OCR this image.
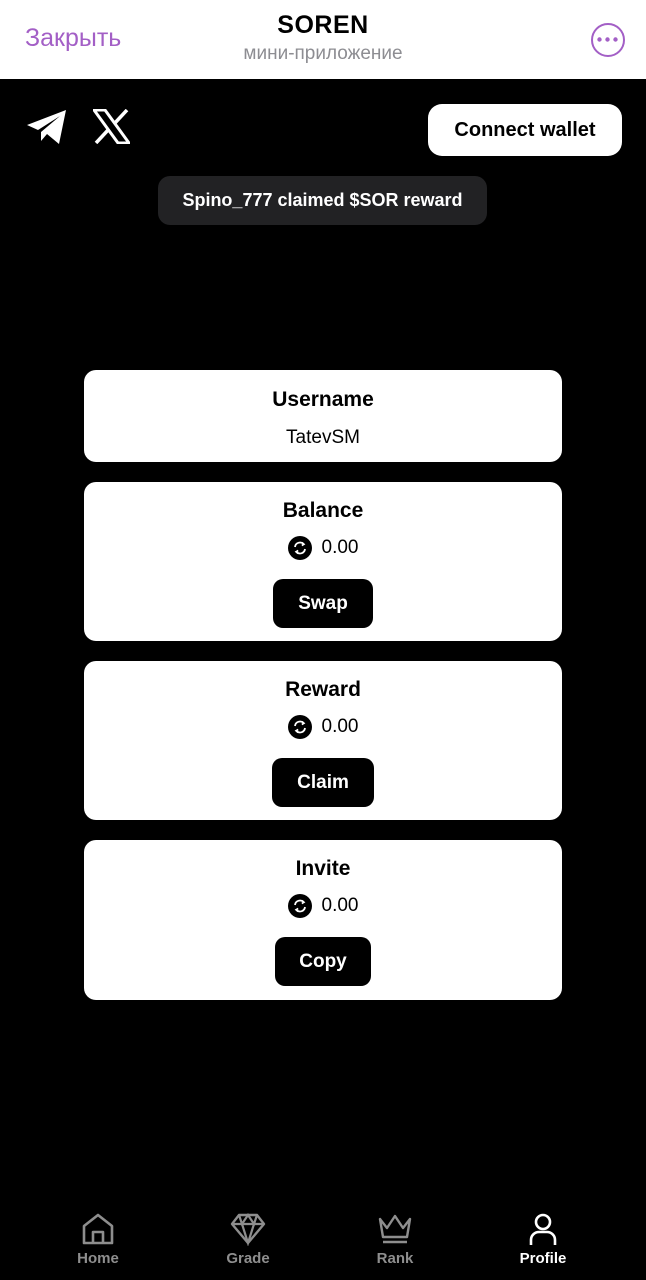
Закрыть	SOREN
мини-приложение
Connect wallet
Spino_777 claimed $SOR reward
Username
TatevSM
Balance
0.00
Swap
Reward
0.00
Claim
Invite
0.00
Copy
Home	Grade	Rank	Profile
